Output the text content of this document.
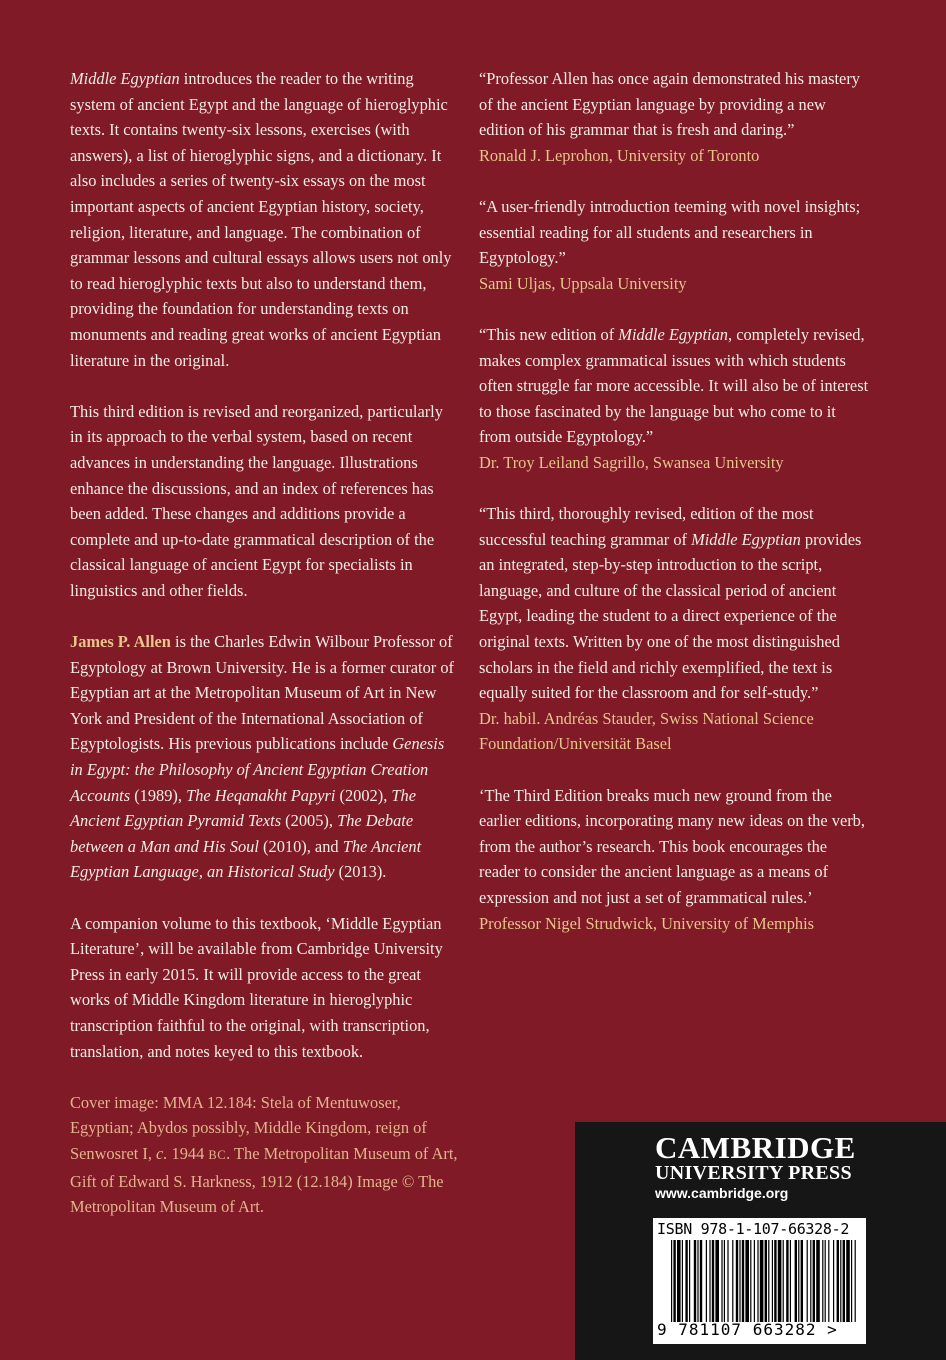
Middle Egyptian introduces the reader to the writing system of ancient Egypt and the language of hieroglyphic texts. It contains twenty-six lessons, exercises (with answers), a list of hieroglyphic signs, and a dictionary. It also includes a series of twenty-six essays on the most important aspects of ancient Egyptian history, society, religion, literature, and language. The combination of grammar lessons and cultural essays allows users not only to read hieroglyphic texts but also to understand them, providing the foundation for understanding texts on monuments and reading great works of ancient Egyptian literature in the original.

This third edition is revised and reorganized, particularly in its approach to the verbal system, based on recent advances in understanding the language. Illustrations enhance the discussions, and an index of references has been added. These changes and additions provide a complete and up-to-date grammatical description of the classical language of ancient Egypt for specialists in linguistics and other fields.

James P. Allen is the Charles Edwin Wilbour Professor of Egyptology at Brown University. He is a former curator of Egyptian art at the Metropolitan Museum of Art in New York and President of the International Association of Egyptologists. His previous publications include Genesis in Egypt: the Philosophy of Ancient Egyptian Creation Accounts (1989), The Heqanakht Papyri (2002), The Ancient Egyptian Pyramid Texts (2005), The Debate between a Man and His Soul (2010), and The Ancient Egyptian Language, an Historical Study (2013).

A companion volume to this textbook, ‘Middle Egyptian Literature’, will be available from Cambridge University Press in early 2015. It will provide access to the great works of Middle Kingdom literature in hieroglyphic transcription faithful to the original, with transcription, translation, and notes keyed to this textbook.

Cover image: MMA 12.184: Stela of Mentuwoser, Egyptian; Abydos possibly, Middle Kingdom, reign of Senwosret I, c. 1944 BC. The Metropolitan Museum of Art, Gift of Edward S. Harkness, 1912 (12.184) Image © The Metropolitan Museum of Art.

“Professor Allen has once again demonstrated his mastery of the ancient Egyptian language by providing a new edition of his grammar that is fresh and daring.”

Ronald J. Leprohon, University of Toronto

“A user-friendly introduction teeming with novel insights; essential reading for all students and researchers in Egyptology.”

Sami Uljas, Uppsala University

“This new edition of Middle Egyptian, completely revised, makes complex grammatical issues with which students often struggle far more accessible. It will also be of interest to those fascinated by the language but who come to it from outside Egyptology.”

Dr. Troy Leiland Sagrillo, Swansea University

“This third, thoroughly revised, edition of the most successful teaching grammar of Middle Egyptian provides an integrated, step-by-step introduction to the script, language, and culture of the classical period of ancient Egypt, leading the student to a direct experience of the original texts. Written by one of the most distinguished scholars in the field and richly exemplified, the text is equally suited for the classroom and for self-study.”

Dr. habil. Andréas Stauder, Swiss National Science Foundation/Universität Basel

‘The Third Edition breaks much new ground from the earlier editions, incorporating many new ideas on the verb, from the author’s research. This book encourages the reader to consider the ancient language as a means of expression and not just a set of grammatical rules.’

Professor Nigel Strudwick, University of Memphis

CAMBRIDGE
UNIVERSITY PRESS
www.cambridge.org
ISBN 978-1-107-66328-2
9 781107 663282 >
